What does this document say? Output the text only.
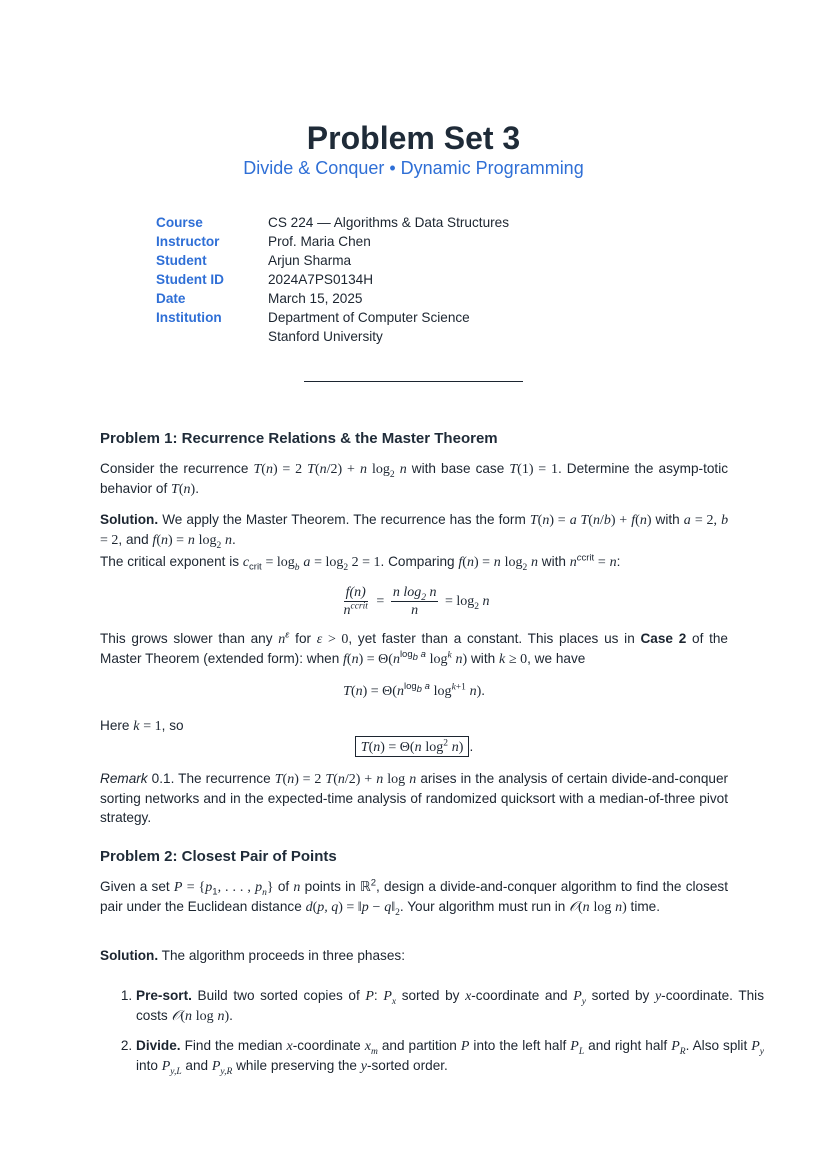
Problem Set 3
Divide & Conquer • Dynamic Programming
Course	CS 224 — Algorithms & Data Structures
Instructor	Prof. Maria Chen
Student	Arjun Sharma
Student ID	2024A7PS0134H
Date	March 15, 2025
Institution	Department of Computer Science
Stanford University
Problem 1: Recurrence Relations & the Master Theorem
Consider the recurrence T(n) = 2 T(n/2) + n $\log_2 n$ with base case T(1) = 1. Determine the asymp-totic behavior of T(n).
Solution. We apply the Master Theorem. The recurrence has the form T(n) = a T(n/b) + f(n) with a = 2, b = 2, and f(n) = n $\log_2 n$.
The critical exponent is $c_{crit} = \log_b a = \log_2 2 = 1$. Comparing f(n) = n $\log_2 n$ with $n^{ccrit} = n$:
$\frac{f(n)}{n^{ccrit}} = \frac{n \log_2 n}{n} = \log_2 n$
This grows slower than any $n^\varepsilon$ for ε > 0, yet faster than a constant. This places us in Case 2 of the Master Theorem (extended form): when $f(n) = \Theta(n^{log_b a}$ $\log^k n$) with k ≥ 0, we have
$T(n) = \Theta(n^{log_b a}$ $\log^{k+1} n$).
Here k = 1, so
T(n) = Θ(n $\log^2 n$) .
Remark 0.1. The recurrence T(n) = 2 T(n/2) + n log n arises in the analysis of certain divide-and-conquer sorting networks and in the expected-time analysis of randomized quicksort with a median-of-three pivot strategy.
Problem 2: Closest Pair of Points
Given a set $P = \{p_1$, . . . , $p_n$} of n points in ℝ$^2$, design a divide-and-conquer algorithm to find the closest pair under the Euclidean distance d(p, q) = ‖p − $q‖_2$. Your algorithm must run in 𝒪(n log n) time.
Solution. The algorithm proceeds in three phases:
1. Pre-sort. Build two sorted copies of P: $P_x$ sorted by x-coordinate and $P_y$ sorted by y-coordinate. This costs 𝒪(n log n).
2. Divide. Find the median x-coordinate $x_m$ and partition P into the left half $P_L$ and right half $P_R$. Also split $P_y$ into $P_{y,L}$ and $P_{y,R}$ while preserving the y-sorted order.
